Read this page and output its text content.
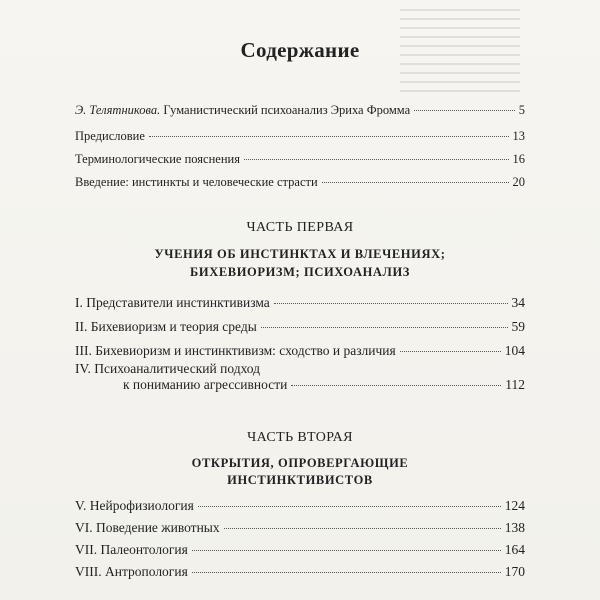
Содержание
Э. Телятникова. Гуманистический психоанализ Эриха Фромма	5
Предисловие	13
Терминологические пояснения	16
Введение: инстинкты и человеческие страсти	20
ЧАСТЬ ПЕРВАЯ
УЧЕНИЯ ОБ ИНСТИНКТАХ И ВЛЕЧЕНИЯХ;
БИХЕВИОРИЗМ; ПСИХОАНАЛИЗ
I. Представители инстинктивизма	34
II. Бихевиоризм и теория среды	59
III. Бихевиоризм и инстинктивизм: сходство и различия	104
IV. Психоаналитический подход
к пониманию агрессивности	112
ЧАСТЬ ВТОРАЯ
ОТКРЫТИЯ, ОПРОВЕРГАЮЩИЕ
ИНСТИНКТИВИСТОВ
V. Нейрофизиология	124
VI. Поведение животных	138
VII. Палеонтология	164
VIII. Антропология	170
